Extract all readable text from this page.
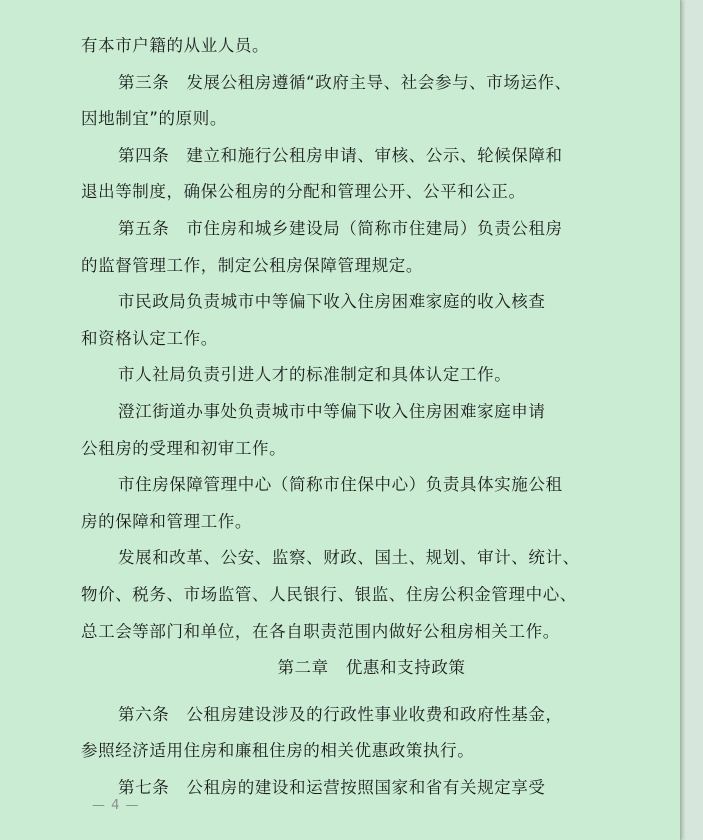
有本市户籍的从业人员。
第三条　发展公租房遵循“政府主导、社会参与、市场运作、
因地制宜”的原则。
第四条　建立和施行公租房申请、审核、公示、轮候保障和
退出等制度，确保公租房的分配和管理公开、公平和公正。
第五条　市住房和城乡建设局（简称市住建局）负责公租房
的监督管理工作，制定公租房保障管理规定。
市民政局负责城市中等偏下收入住房困难家庭的收入核查
和资格认定工作。
市人社局负责引进人才的标准制定和具体认定工作。
澄江街道办事处负责城市中等偏下收入住房困难家庭申请
公租房的受理和初审工作。
市住房保障管理中心（简称市住保中心）负责具体实施公租
房的保障和管理工作。
发展和改革、公安、监察、财政、国土、规划、审计、统计、
物价、税务、市场监管、人民银行、银监、住房公积金管理中心、
总工会等部门和单位，在各自职责范围内做好公租房相关工作。
第二章　优惠和支持政策
第六条　公租房建设涉及的行政性事业收费和政府性基金，
参照经济适用住房和廉租住房的相关优惠政策执行。
第七条　公租房的建设和运营按照国家和省有关规定享受
— 4 —
